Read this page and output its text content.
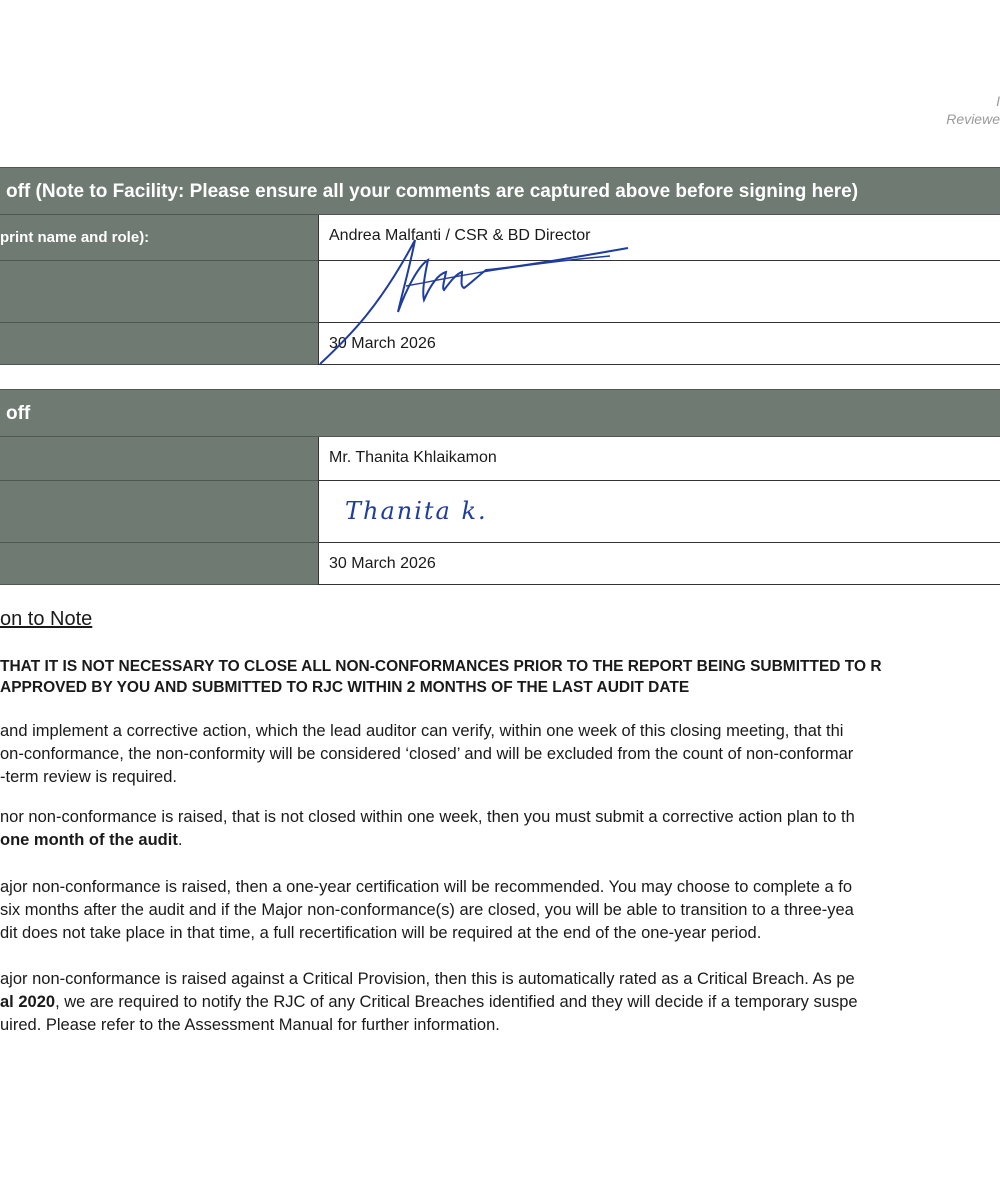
I
Reviewe
off (Note to Facility: Please ensure all your comments are captured above before signing here)
print name and role):	Andrea Malfanti / CSR & BD Director
30 March 2026
off
Mr. Thanita Khlaikamon
Thanita k.
30 March 2026
on to Note
THAT IT IS NOT NECESSARY TO CLOSE ALL NON-CONFORMANCES PRIOR TO THE REPORT BEING SUBMITTED TO R
APPROVED BY YOU AND SUBMITTED TO RJC WITHIN 2 MONTHS OF THE LAST AUDIT DATE
and implement a corrective action, which the lead auditor can verify, within one week of this closing meeting, that thi
on-conformance, the non-conformity will be considered ‘closed’ and will be excluded from the count of non-conformar
-term review is required.
nor non-conformance is raised, that is not closed within one week, then you must submit a corrective action plan to th
one month of the audit.
ajor non-conformance is raised, then a one-year certification will be recommended. You may choose to complete a fo
six months after the audit and if the Major non-conformance(s) are closed, you will be able to transition to a three-yea
dit does not take place in that time, a full recertification will be required at the end of the one-year period.
ajor non-conformance is raised against a Critical Provision, then this is automatically rated as a Critical Breach. As pe
al 2020, we are required to notify the RJC of any Critical Breaches identified and they will decide if a temporary suspe
uired. Please refer to the Assessment Manual for further information.
